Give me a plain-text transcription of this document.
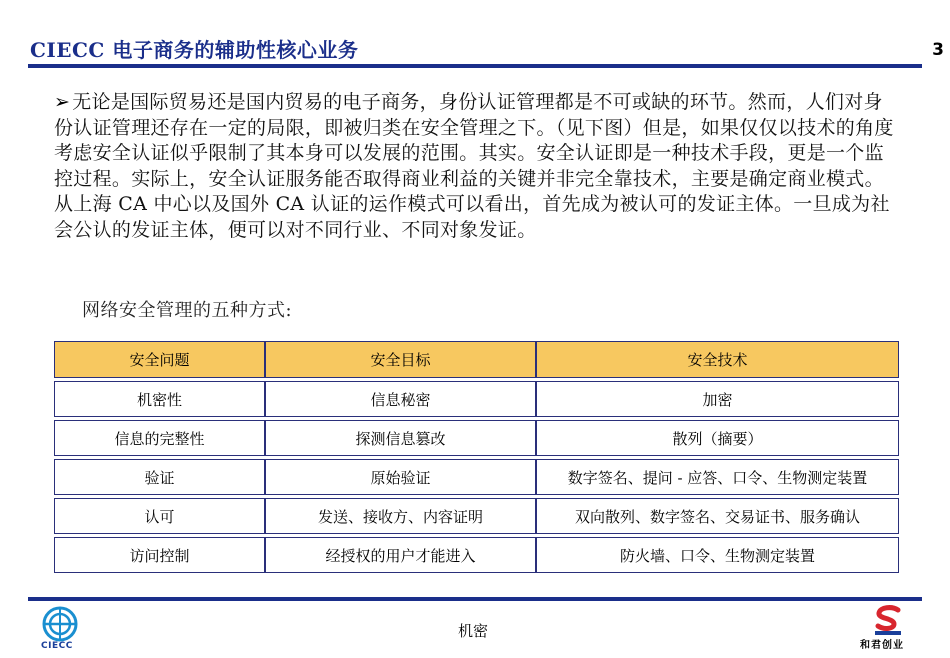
CIECC 电子商务的辅助性核心业务	3
➢ 无论是国际贸易还是国内贸易的电子商务，身份认证管理都是不可或缺的环节。然而，人们对身份认证管理还存在一定的局限，即被归类在安全管理之下。（见下图）但是，如果仅仅以技术的角度考虑安全认证似乎限制了其本身可以发展的范围。其实。安全认证即是一种技术手段，更是一个监控过程。实际上，安全认证服务能否取得商业利益的关键并非完全靠技术，主要是确定商业模式。从上海 CA 中心以及国外 CA 认证的运作模式可以看出，首先成为被认可的发证主体。一旦成为社会公认的发证主体，便可以对不同行业、不同对象发证。
网络安全管理的五种方式:
安全问题	安全目标	安全技术

机密性	信息秘密	加密

信息的完整性	探测信息篡改	散列（摘要）

验证	原始验证	数字签名、提问 - 应答、口令、生物测定装置

认可	发送、接收方、内容证明	双向散列、数字签名、交易证书、服务确认

访问控制	经授权的用户才能进入	防火墙、口令、生物测定装置
CIECC
机密
和君创业
